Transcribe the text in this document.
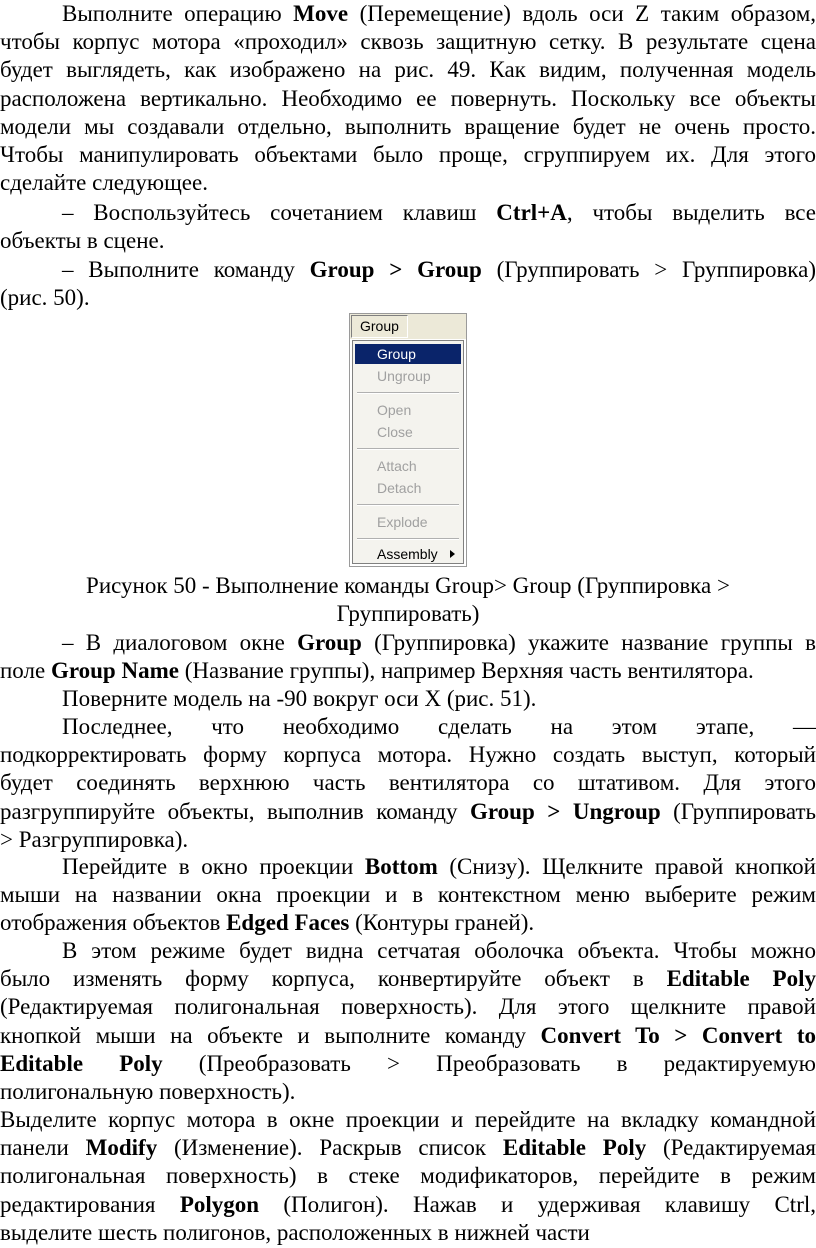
Выполните операцию Move (Перемещение) вдоль оси Z таким образом,
чтобы корпус мотора «проходил» сквозь защитную сетку. В результате сцена
будет выглядеть, как изображено на рис. 49. Как видим, полученная модель
расположена вертикально. Необходимо ее повернуть. Поскольку все объекты
модели мы создавали отдельно, выполнить вращение будет не очень просто.
Чтобы манипулировать объектами было проще, сгруппируем их. Для этого
сделайте следующее.
– Воспользуйтесь сочетанием клавиш Ctrl+A, чтобы выделить все
объекты в сцене.
– Выполните команду Group > Group (Группировать > Группировка)
(рис. 50).
Group
Group
Ungroup
Open
Close
Attach
Detach
Explode
Assembly
Рисунок 50 - Выполнение команды Group> Group (Группировка >
Группировать)
– В диалоговом окне Group (Группировка) укажите название группы в
поле Group Name (Название группы), например Верхняя часть вентилятора.
Поверните модель на -90 вокруг оси X (рис. 51).
Последнее, что необходимо сделать на этом этапе, —
подкорректировать форму корпуса мотора. Нужно создать выступ, который
будет соединять верхнюю часть вентилятора со штативом. Для этого
разгруппируйте объекты, выполнив команду Group > Ungroup (Группировать
> Разгруппировка).
Перейдите в окно проекции Bottom (Снизу). Щелкните правой кнопкой
мыши на названии окна проекции и в контекстном меню выберите режим
отображения объектов Edged Faces (Контуры граней).
В этом режиме будет видна сетчатая оболочка объекта. Чтобы можно
было изменять форму корпуса, конвертируйте объект в Editable Poly
(Редактируемая полигональная поверхность). Для этого щелкните правой
кнопкой мыши на объекте и выполните команду Convert To > Convert to
Editable Poly (Преобразовать > Преобразовать в редактируемую
полигональную поверхность).
Выделите корпус мотора в окне проекции и перейдите на вкладку командной
панели Modify (Изменение). Раскрыв список Editable Poly (Редактируемая
полигональная поверхность) в стеке модификаторов, перейдите в режим
редактирования Polygon (Полигон). Нажав и удерживая клавишу Ctrl,
выделите шесть полигонов, расположенных в нижней части
